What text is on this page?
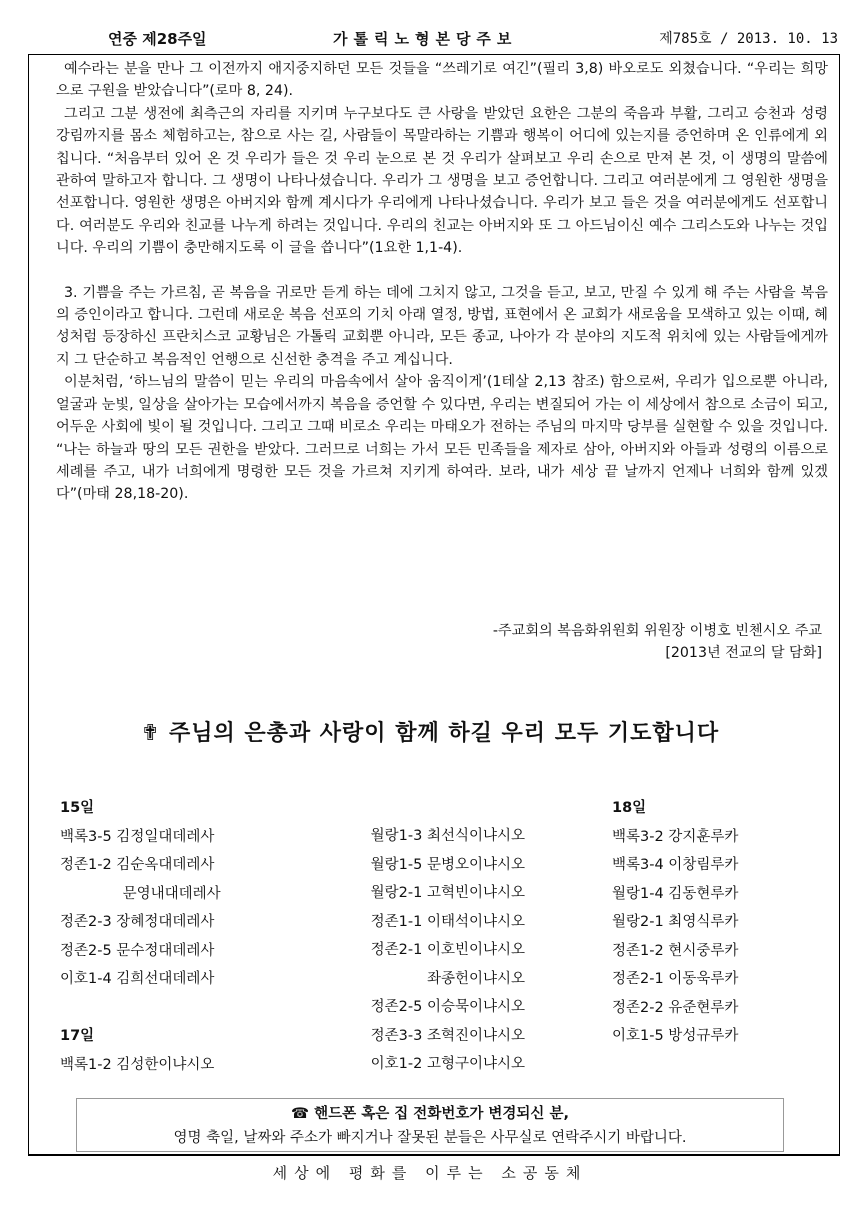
연중 제28주일	가톨릭노형본당주보	제785호 / 2013. 10. 13

예수라는 분을 만나 그 이전까지 애지중지하던 모든 것들을 “쓰레기로 여긴”(필리 3,8) 바오로도 외쳤습니다. “우리는 희망으로 구원을 받았습니다”(로마 8, 24).

그리고 그분 생전에 최측근의 자리를 지키며 누구보다도 큰 사랑을 받았던 요한은 그분의 죽음과 부활, 그리고 승천과 성령 강림까지를 몸소 체험하고는, 참으로 사는 길, 사람들이 목말라하는 기쁨과 행복이 어디에 있는지를 증언하며 온 인류에게 외칩니다. “처음부터 있어 온 것 우리가 들은 것 우리 눈으로 본 것 우리가 살펴보고 우리 손으로 만져 본 것, 이 생명의 말씀에 관하여 말하고자 합니다. 그 생명이 나타나셨습니다. 우리가 그 생명을 보고 증언합니다. 그리고 여러분에게 그 영원한 생명을 선포합니다. 영원한 생명은 아버지와 함께 계시다가 우리에게 나타나셨습니다. 우리가 보고 들은 것을 여러분에게도 선포합니다. 여러분도 우리와 친교를 나누게 하려는 것입니다. 우리의 친교는 아버지와 또 그 아드님이신 예수 그리스도와 나누는 것입니다. 우리의 기쁨이 충만해지도록 이 글을 씁니다”(1요한 1,1-4).

3. 기쁨을 주는 가르침, 곧 복음을 귀로만 듣게 하는 데에 그치지 않고, 그것을 듣고, 보고, 만질 수 있게 해 주는 사람을 복음의 증인이라고 합니다. 그런데 새로운 복음 선포의 기치 아래 열정, 방법, 표현에서 온 교회가 새로움을 모색하고 있는 이때, 혜성처럼 등장하신 프란치스코 교황님은 가톨릭 교회뿐 아니라, 모든 종교, 나아가 각 분야의 지도적 위치에 있는 사람들에게까지 그 단순하고 복음적인 언행으로 신선한 충격을 주고 계십니다.

이분처럼, ‘하느님의 말씀이 믿는 우리의 마음속에서 살아 움직이게’(1테살 2,13 참조) 함으로써, 우리가 입으로뿐 아니라, 얼굴과 눈빛, 일상을 살아가는 모습에서까지 복음을 증언할 수 있다면, 우리는 변질되어 가는 이 세상에서 참으로 소금이 되고, 어두운 사회에 빛이 될 것입니다. 그리고 그때 비로소 우리는 마태오가 전하는 주님의 마지막 당부를 실현할 수 있을 것입니다. “나는 하늘과 땅의 모든 권한을 받았다. 그러므로 너희는 가서 모든 민족들을 제자로 삼아, 아버지와 아들과 성령의 이름으로 세례를 주고, 내가 너희에게 명령한 모든 것을 가르쳐 지키게 하여라. 보라, 내가 세상 끝 날까지 언제나 너희와 함께 있겠다”(마태 28,18-20).

-주교회의 복음화위원회 위원장 이병호 빈첸시오 주교
[2013년 전교의 달 담화]
✟ 주님의 은총과 사랑이 함께 하길 우리 모두 기도합니다
15일
백록3-5 김정일대데레사
정존1-2 김순옥대데레사
　　　　 문영내대데레사
정존2-3 장혜정대데레사
정존2-5 문수정대데레사
이호1-4 김희선대데레사
17일
백록1-2 김성한이냐시오
월랑1-3 최선식이냐시오
월랑1-5 문병오이냐시오
월랑2-1 고혁빈이냐시오
정존1-1 이태석이냐시오
정존2-1 이호빈이냐시오
좌종헌이냐시오
정존2-5 이승묵이냐시오
정존3-3 조혁진이냐시오
이호1-2 고형구이냐시오
18일
백록3-2 강지훈루카
백록3-4 이창림루카
월랑1-4 김동현루카
월랑2-1 최영식루카
정존1-2 현시중루카
정존2-1 이동욱루카
정존2-2 유준현루카
이호1-5 방성규루카
☎ 핸드폰 혹은 집 전화번호가 변경되신 분,
영명 축일, 날짜와 주소가 빠지거나 잘못된 분들은 사무실로 연락주시기 바랍니다.
세상에 평화를 이루는 소공동체
